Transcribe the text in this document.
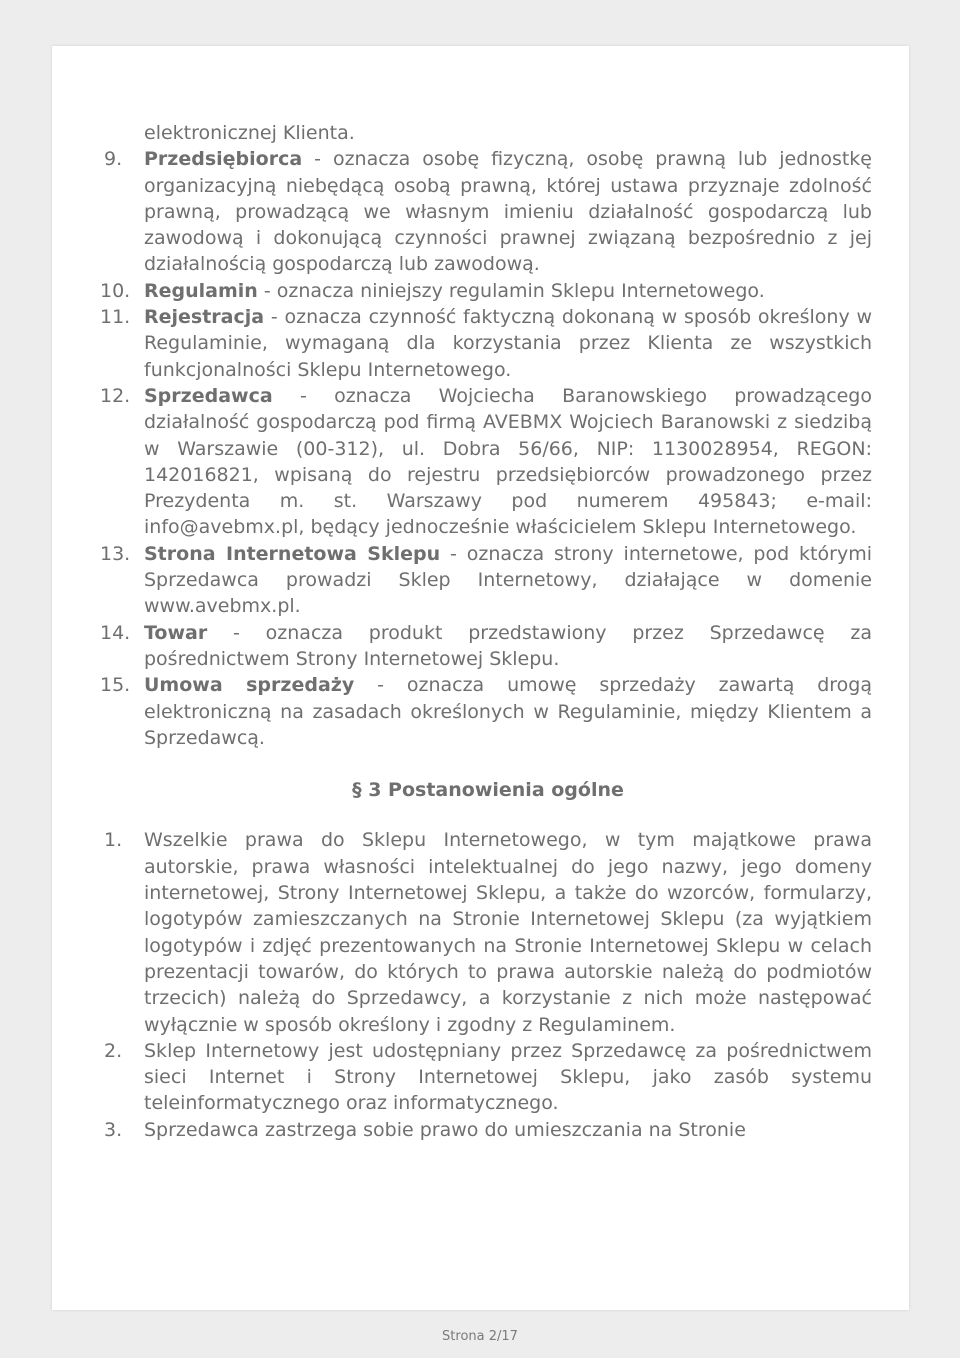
elektronicznej Klienta.
9. Przedsiębiorca - oznacza osobę fizyczną, osobę prawną lub jednostkę organizacyjną niebędącą osobą prawną, której ustawa przyznaje zdolność prawną, prowadzącą we własnym imieniu działalność gospodarczą lub zawodową i dokonującą czynności prawnej związaną bezpośrednio z jej działalnością gospodarczą lub zawodową.
10. Regulamin - oznacza niniejszy regulamin Sklepu Internetowego.
11. Rejestracja - oznacza czynność faktyczną dokonaną w sposób określony w Regulaminie, wymaganą dla korzystania przez Klienta ze wszystkich funkcjonalności Sklepu Internetowego.
12. Sprzedawca - oznacza Wojciecha Baranowskiego prowadzącego działalność gospodarczą pod firmą AVEBMX Wojciech Baranowski z siedzibą w Warszawie (00-312), ul. Dobra 56/66, NIP: 1130028954, REGON: 142016821, wpisaną do rejestru przedsiębiorców prowadzonego przez Prezydenta m. st. Warszawy pod numerem 495843; e-mail: info@avebmx.pl, będący jednocześnie właścicielem Sklepu Internetowego.
13. Strona Internetowa Sklepu - oznacza strony internetowe, pod którymi Sprzedawca prowadzi Sklep Internetowy, działające w domenie www.avebmx.pl.
14. Towar - oznacza produkt przedstawiony przez Sprzedawcę za pośrednictwem Strony Internetowej Sklepu.
15. Umowa sprzedaży - oznacza umowę sprzedaży zawartą drogą elektroniczną na zasadach określonych w Regulaminie, między Klientem a Sprzedawcą.
§ 3 Postanowienia ogólne
1. Wszelkie prawa do Sklepu Internetowego, w tym majątkowe prawa autorskie, prawa własności intelektualnej do jego nazwy, jego domeny internetowej, Strony Internetowej Sklepu, a także do wzorców, formularzy, logotypów zamieszczanych na Stronie Internetowej Sklepu (za wyjątkiem logotypów i zdjęć prezentowanych na Stronie Internetowej Sklepu w celach prezentacji towarów, do których to prawa autorskie należą do podmiotów trzecich) należą do Sprzedawcy, a korzystanie z nich może następować wyłącznie w sposób określony i zgodny z Regulaminem.
2. Sklep Internetowy jest udostępniany przez Sprzedawcę za pośrednictwem sieci Internet i Strony Internetowej Sklepu, jako zasób systemu teleinformatycznego oraz informatycznego.
3. Sprzedawca zastrzega sobie prawo do umieszczania na Stronie
Strona 2/17
